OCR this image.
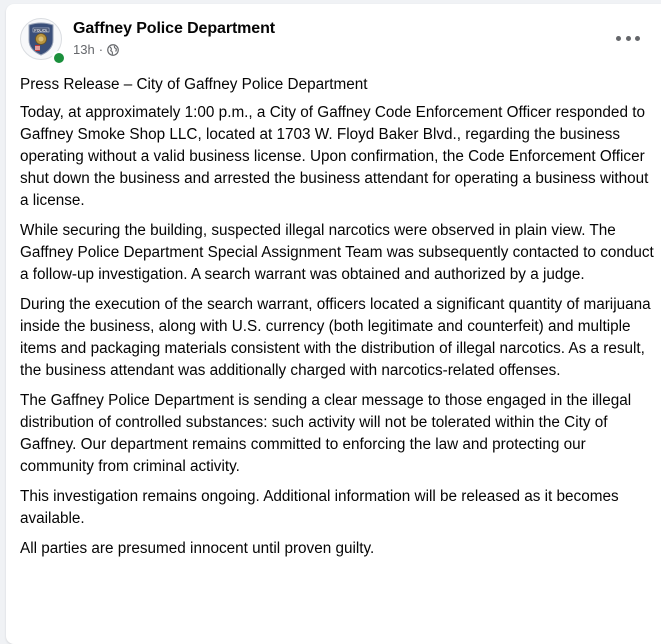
POLICE Gaffney Police Department
13h ·

Press Release – City of Gaffney Police Department

Today, at approximately 1:00 p.m., a City of Gaffney Code Enforcement Officer responded to Gaffney Smoke Shop LLC, located at 1703 W. Floyd Baker Blvd., regarding the business operating without a valid business license. Upon confirmation, the Code Enforcement Officer shut down the business and arrested the business attendant for operating a business without a license.

While securing the building, suspected illegal narcotics were observed in plain view. The Gaffney Police Department Special Assignment Team was subsequently contacted to conduct a follow-up investigation. A search warrant was obtained and authorized by a judge.

During the execution of the search warrant, officers located a significant quantity of marijuana inside the business, along with U.S. currency (both legitimate and counterfeit) and multiple items and packaging materials consistent with the distribution of illegal narcotics. As a result, the business attendant was additionally charged with narcotics-related offenses.

The Gaffney Police Department is sending a clear message to those engaged in the illegal distribution of controlled substances: such activity will not be tolerated within the City of Gaffney. Our department remains committed to enforcing the law and protecting our community from criminal activity.

This investigation remains ongoing. Additional information will be released as it becomes available.

All parties are presumed innocent until proven guilty.
